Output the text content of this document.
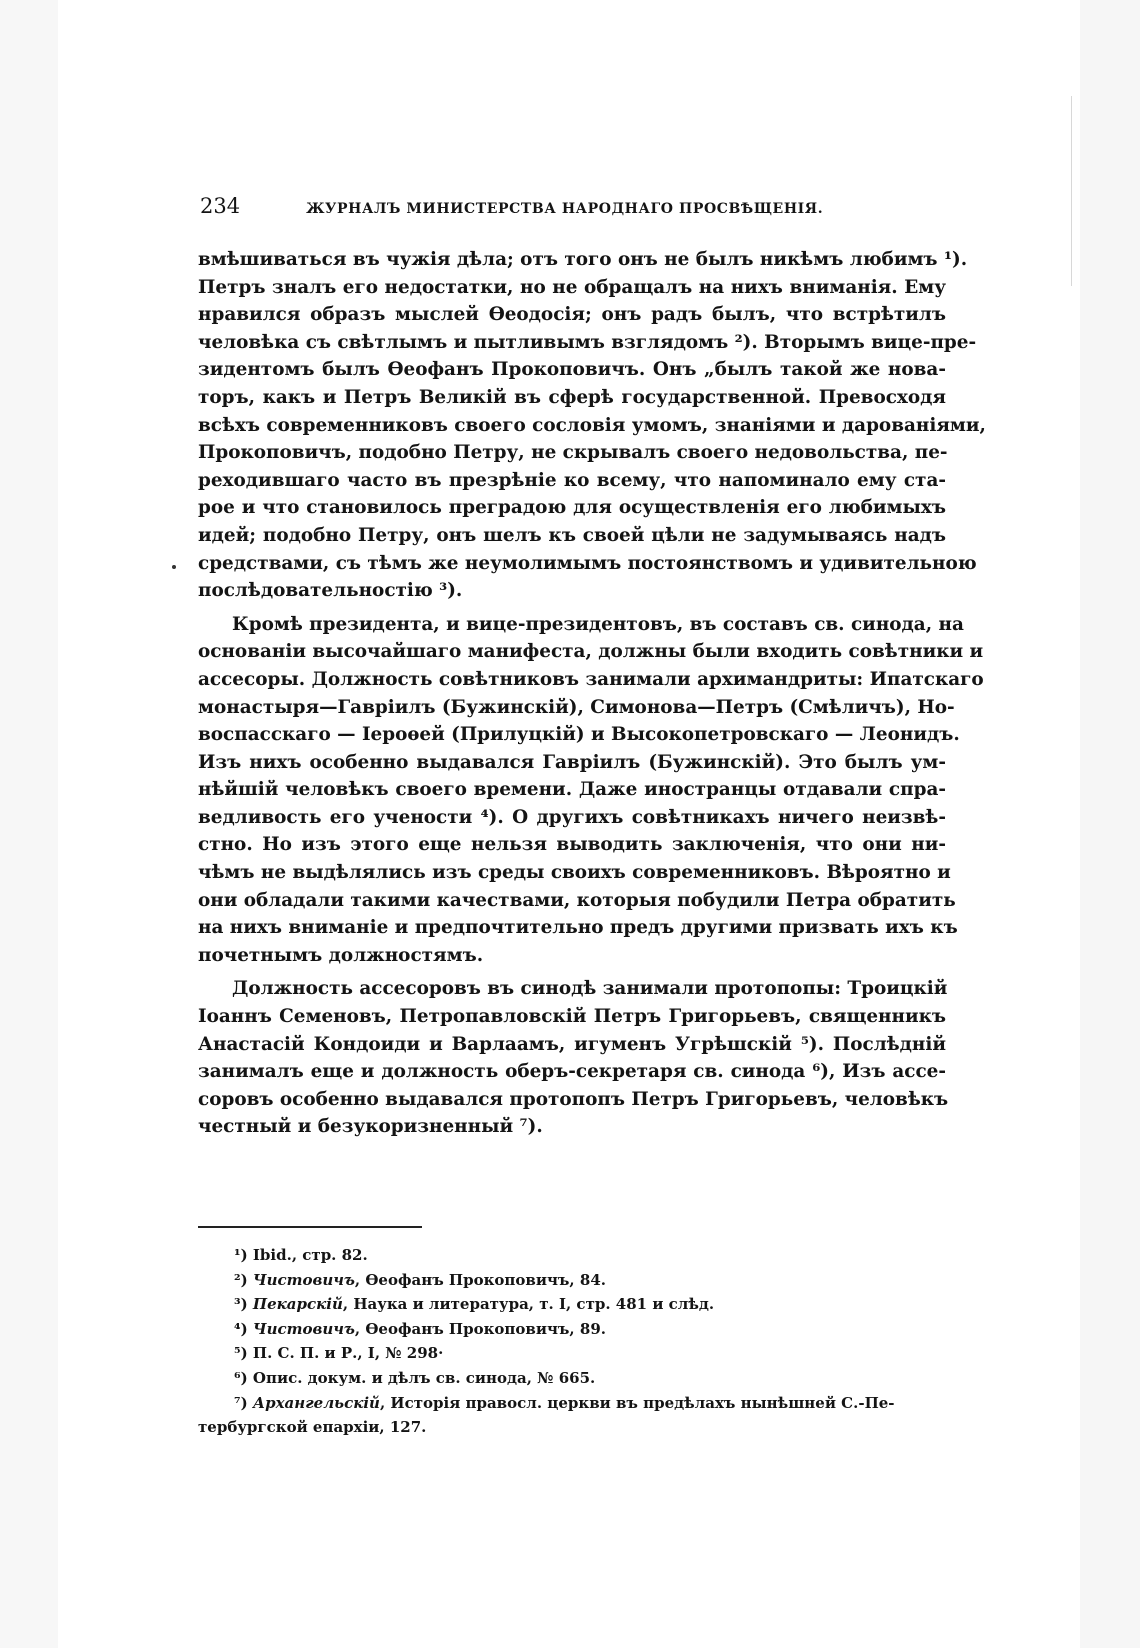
234	ЖУРНАЛЪ МИНИСТЕРСТВА НАРОДНАГО ПРОСВѢЩЕНІЯ.
вмѣшиваться въ чужія дѣла; отъ того онъ не былъ никѣмъ любимъ ¹).
Петръ зналъ его недостатки, но не обращалъ на нихъ вниманія. Ему
нравился образъ мыслей Ѳеодосія; онъ радъ былъ, что встрѣтилъ
человѣка съ свѣтлымъ и пытливымъ взглядомъ ²). Вторымъ вице-пре-
зидентомъ былъ Ѳеофанъ Прокоповичъ. Онъ „былъ такой же нова-
торъ, какъ и Петръ Великій въ сферѣ государственной. Превосходя
всѣхъ современниковъ своего сословія умомъ, знаніями и дарованіями,
Прокоповичъ, подобно Петру, не скрывалъ своего недовольства, пе-
реходившаго часто въ презрѣніе ко всему, что напоминало ему ста-
рое и что становилось преградою для осуществленія его любимыхъ
идей; подобно Петру, онъ шелъ къ своей цѣли не задумываясь надъ
средствами, съ тѣмъ же неумолимымъ постоянствомъ и удивительною
послѣдовательностію ³).
Кромѣ президента, и вице-президентовъ, въ составъ св. синода, на
основаніи высочайшаго манифеста, должны были входить совѣтники и
ассесоры. Должность совѣтниковъ занимали архимандриты: Ипатскаго
монастыря—Гавріилъ (Бужинскій), Симонова—Петръ (Смѣличъ), Но-
воспасскаго — Іероѳей (Прилуцкій) и Высокопетровскаго — Леонидъ.
Изъ нихъ особенно выдавался Гавріилъ (Бужинскій). Это былъ ум-
нѣйшій человѣкъ своего времени. Даже иностранцы отдавали спра-
ведливость его учености ⁴). О другихъ совѣтникахъ ничего неизвѣ-
стно. Но изъ этого еще нельзя выводить заключенія, что они ни-
чѣмъ не выдѣлялись изъ среды своихъ современниковъ. Вѣроятно и
они обладали такими качествами, которыя побудили Петра обратить
на нихъ вниманіе и предпочтительно предъ другими призвать ихъ къ
почетнымъ должностямъ.
Должность ассесоровъ въ синодѣ занимали протопопы: Троицкій
Іоаннъ Семеновъ, Петропавловскій Петръ Григорьевъ, священникъ
Анастасій Кондоиди и Варлаамъ, игуменъ Угрѣшскій ⁵). Послѣдній
занималъ еще и должность оберъ-секретаря св. синода ⁶), Изъ ассе-
соровъ особенно выдавался протопопъ Петръ Григорьевъ, человѣкъ
честный и безукоризненный ⁷).
¹) Ibid., стр. 82.
²) Чистовичъ, Ѳеофанъ Прокоповичъ, 84.
³) Пекарскій, Наука и литература, т. I, стр. 481 и слѣд.
⁴) Чистовичъ, Ѳеофанъ Прокоповичъ, 89.
⁵) П. С. П. и Р., I, № 298·
⁶) Опис. докум. и дѣлъ св. синода, № 665.
⁷) Архангельскій, Исторія правосл. церкви въ предѣлахъ нынѣшней С.-Пе-
тербургской епархіи, 127.
